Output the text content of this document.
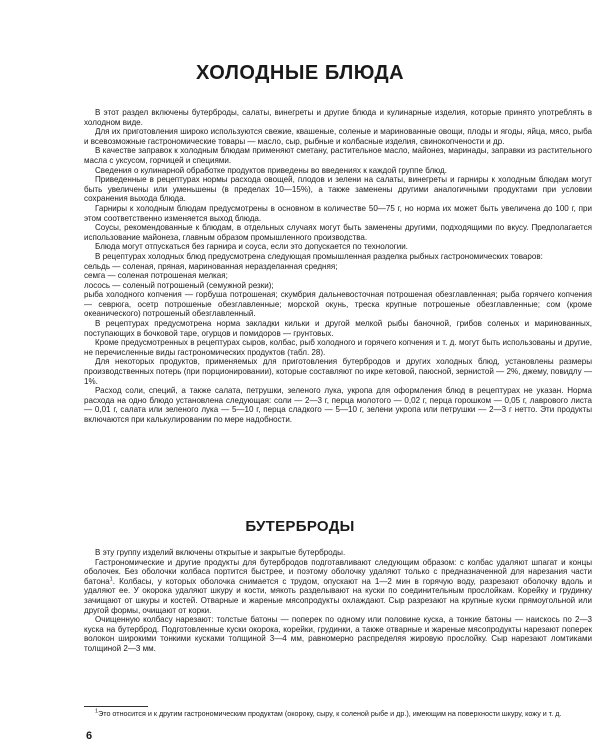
ХОЛОДНЫЕ БЛЮДА

В этот раздел включены бутерброды, салаты, винегреты и другие блюда и кулинарные изделия, которые принято употреблять в холодном виде.

Для их приготовления широко используются свежие, квашеные, соленые и маринованные овощи, плоды и ягоды, яйца, мясо, рыба и всевозможные гастрономические товары — масло, сыр, рыбные и колбасные изделия, свинокопчености и др.

В качестве заправок к холодным блюдам применяют сметану, растительное масло, майонез, маринады, заправки из растительного масла с уксусом, горчицей и специями.

Сведения о кулинарной обработке продуктов приведены во введениях к каждой группе блюд.

Приведенные в рецептурах нормы расхода овощей, плодов и зелени на салаты, винегреты и гарниры к холодным блюдам могут быть увеличены или уменьшены (в пределах 10—15%), а также заменены другими аналогичными продуктами при условии сохранения выхода блюда.

Гарниры к холодным блюдам предусмотрены в основном в количестве 50—75 г, но норма их может быть увеличена до 100 г, при этом соответственно изменяется выход блюда.

Соусы, рекомендованные к блюдам, в отдельных случаях могут быть заменены другими, подходящими по вкусу. Предполагается использование майонеза, главным образом промышленного производства.

Блюда могут отпускаться без гарнира и соуса, если это допускается по технологии.

В рецептурах холодных блюд предусмотрена следующая промышленная разделка рыбных гастрономических товаров:

сельдь — соленая, пряная, маринованная неразделанная средняя;

семга — соленая потрошеная мелкая;

лосось — соленый потрошеный (семужной резки);

рыба холодного копчения — горбуша потрошеная; скумбрия дальневосточная потрошеная обезглавленная; рыба горячего копчения — севрюга, осетр потрошеные обезглавленные; морской окунь, треска крупные потрошеные обезглавленные; сом (кроме океанического) потрошеный обезглавленный.

В рецептурах предусмотрена норма закладки кильки и другой мелкой рыбы баночной, грибов соленых и маринованных, поступающих в бочковой таре, огурцов и помидоров — грунтовых.

Кроме предусмотренных в рецептурах сыров, колбас, рыб холодного и горячего копчения и т. д. могут быть использованы и другие, не перечисленные виды гастрономических продуктов (табл. 28).

Для некоторых продуктов, применяемых для приготовления бутербродов и других холодных блюд, установлены размеры производственных потерь (при порционировании), которые составляют по икре кетовой, паюсной, зернистой — 2%, джему, повидлу — 1%.

Расход соли, специй, а также салата, петрушки, зеленого лука, укропа для оформления блюд в рецептурах не указан. Норма расхода на одно блюдо установлена следующая: соли — 2—3 г, перца молотого — 0,02 г, перца горошком — 0,05 г, лаврового листа — 0,01 г, салата или зеленого лука — 5—10 г, перца сладкого — 5—10 г, зелени укропа или петрушки — 2—3 г нетто. Эти продукты включаются при калькулировании по мере надобности.

БУТЕРБРОДЫ

В эту группу изделий включены открытые и закрытые бутерброды.

Гастрономические и другие продукты для бутербродов подготавливают следующим образом: с колбас удаляют шпагат и концы оболочек. Без оболочки колбаса портится быстрее, и поэтому оболочку удаляют только с предназначенной для нарезания части батона$^1$. Колбасы, у которых оболочка снимается с трудом, опускают на 1—2 мин в горячую воду, разрезают оболочку вдоль и удаляют ее. У окорока удаляют шкуру и кости, мякоть разделывают на куски по соединительным прослойкам. Корейку и грудинку зачищают от шкуры и костей. Отварные и жареные мясопродукты охлаждают. Сыр разрезают на крупные куски прямоугольной или другой формы, очищают от корки.

Очищенную колбасу нарезают: толстые батоны — поперек по одному или половине куска, а тонкие батоны — наискось по 2—3 куска на бутерброд. Подготовленные куски окорока, корейки, грудинки, а также отварные и жареные мясопродукты нарезают поперек волокон широкими тонкими кусками толщиной 3—4 мм, равномерно распределяя жировую прослойку. Сыр нарезают ломтиками толщиной 2—3 мм.

$^1$Это относится и к другим гастрономическим продуктам (окороку, сыру, к соленой рыбе и др.), имеющим на поверхности шкуру, кожу и т. д.

6
